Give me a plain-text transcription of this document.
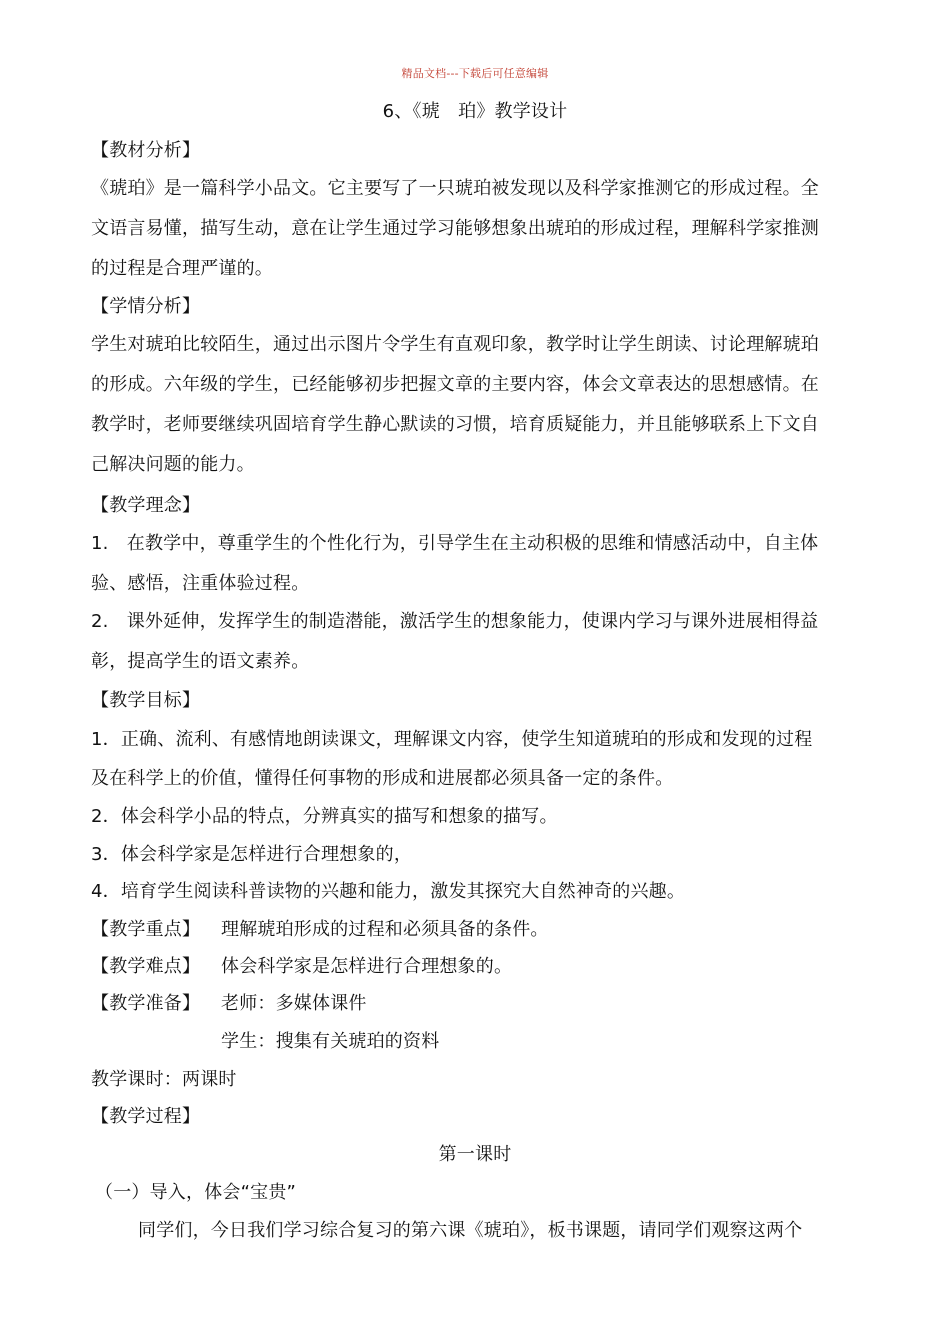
精品文档---下载后可任意编辑
6、《琥　珀》教学设计
【教材分析】
《琥珀》是一篇科学小品文。它主要写了一只琥珀被发现以及科学家推测它的形成过程。全
文语言易懂，描写生动，意在让学生通过学习能够想象出琥珀的形成过程，理解科学家推测
的过程是合理严谨的。
【学情分析】
学生对琥珀比较陌生，通过出示图片令学生有直观印象，教学时让学生朗读、讨论理解琥珀
的形成。六年级的学生，已经能够初步把握文章的主要内容，体会文章表达的思想感情。在
教学时，老师要继续巩固培育学生静心默读的习惯，培育质疑能力，并且能够联系上下文自
己解决问题的能力。
【教学理念】
1.　在教学中，尊重学生的个性化行为，引导学生在主动积极的思维和情感活动中，自主体
验、感悟，注重体验过程。
2.　课外延伸，发挥学生的制造潜能，激活学生的想象能力，使课内学习与课外进展相得益
彰，提高学生的语文素养。
【教学目标】
1．正确、流利、有感情地朗读课文，理解课文内容，使学生知道琥珀的形成和发现的过程
及在科学上的价值，懂得任何事物的形成和进展都必须具备一定的条件。
2．体会科学小品的特点，分辨真实的描写和想象的描写。
3．体会科学家是怎样进行合理想象的，
4．培育学生阅读科普读物的兴趣和能力，激发其探究大自然神奇的兴趣。
【教学重点】 理解琥珀形成的过程和必须具备的条件。
【教学难点】 体会科学家是怎样进行合理想象的。
【教学准备】 老师：多媒体课件
学生：搜集有关琥珀的资料
教学课时：两课时
【教学过程】
第一课时
（一）导入，体会“宝贵”
同学们，今日我们学习综合复习的第六课《琥珀》，板书课题，请同学们观察这两个
